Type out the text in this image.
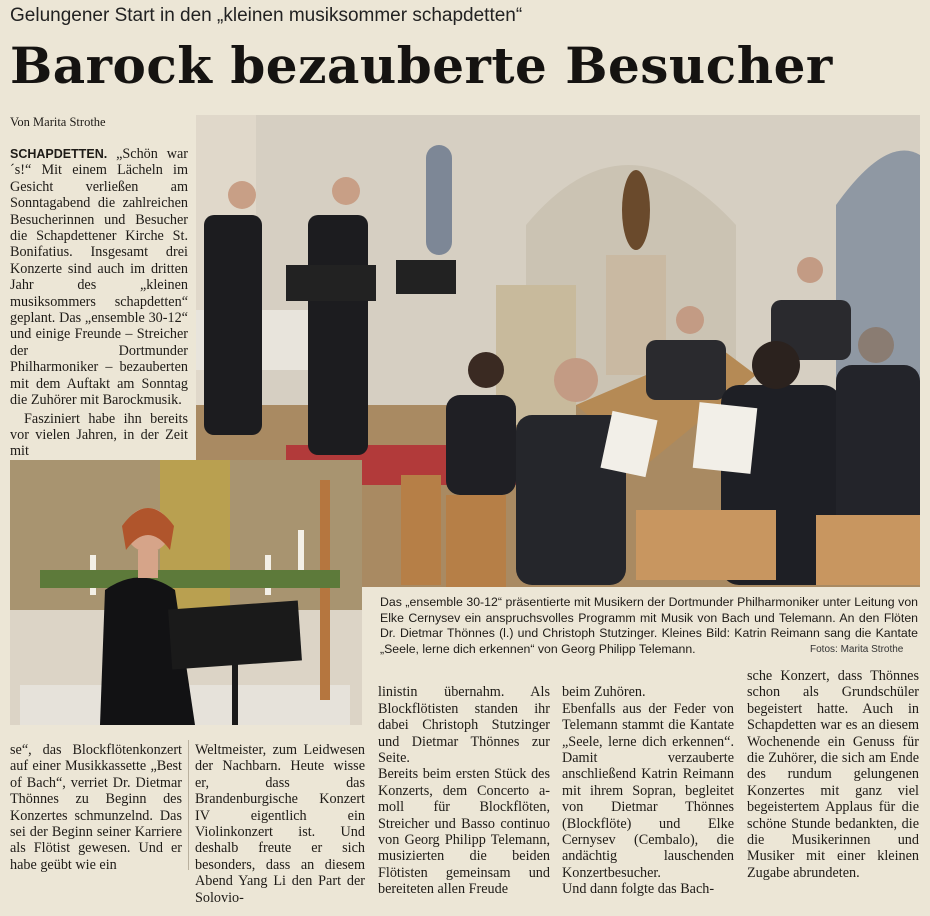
Gelungener Start in den „kleinen musiksommer schapdetten“
Barock bezauberte Besucher
Von Marita Strothe

SCHAPDETTEN. „Schön war´s!“ Mit einem Lächeln im Gesicht verließen am Sonntagabend die zahlreichen Besucherinnen und Besucher die Schapdettener Kirche St. Bonifatius. Insgesamt drei Konzerte sind auch im dritten Jahr des „kleinen musiksommers schapdetten“ geplant. Das „ensemble 30-12“ und einige Freunde – Streicher der Dortmunder Philharmoniker – bezauberten mit dem Auftakt am Sonntag die Zuhörer mit Barockmusik.

Fasziniert habe ihn bereits vor vielen Jahren, in der Zeit mit

Das „ensemble 30-12“ präsentierte mit Musikern der Dortmunder Philharmoniker unter Leitung von Elke Cernysev ein anspruchsvolles Programm mit Musik von Bach und Telemann. An den Flöten Dr. Dietmar Thönnes (l.) und Christoph Stutzinger. Kleines Bild: Katrin Reimann sang die Kantate „Seele, lerne dich erkennen“ von Georg Philipp Telemann.	Fotos: Marita Strothe

se“, das Blockflötenkonzert auf einer Musikkassette „Best of Bach“, verriet Dr. Dietmar Thönnes zu Beginn des Konzertes schmunzelnd. Das sei der Beginn seiner Karriere als Flötist gewesen. Und er habe geübt wie ein

Weltmeister, zum Leidwesen der Nachbarn. Heute wisse er, dass das Brandenburgische Konzert IV eigentlich ein Violinkonzert ist. Und deshalb freute er sich besonders, dass an diesem Abend Yang Li den Part der Solovio-

linistin übernahm. Als Blockflötisten standen ihr dabei Christoph Stutzinger und Dietmar Thönnes zur Seite.
Bereits beim ersten Stück des Konzerts, dem Concerto a-moll für Blockflöten, Streicher und Basso continuo von Georg Philipp Telemann, musizierten die beiden Flötisten gemeinsam und bereiteten allen Freude

beim Zuhören.
Ebenfalls aus der Feder von Telemann stammt die Kantate „Seele, lerne dich erkennen“. Damit verzauberte anschließend Katrin Reimann mit ihrem Sopran, begleitet von Dietmar Thönnes (Blockflöte) und Elke Cernysev (Cembalo), die andächtig lauschenden Konzertbesucher.
Und dann folgte das Bach-

sche Konzert, dass Thönnes schon als Grundschüler begeistert hatte. Auch in Schapdetten war es an diesem Wochenende ein Genuss für die Zuhörer, die sich am Ende des rundum gelungenen Konzertes mit ganz viel begeistertem Applaus für die schöne Stunde bedankten, die die Musikerinnen und Musiker mit einer kleinen Zugabe abrundeten.
